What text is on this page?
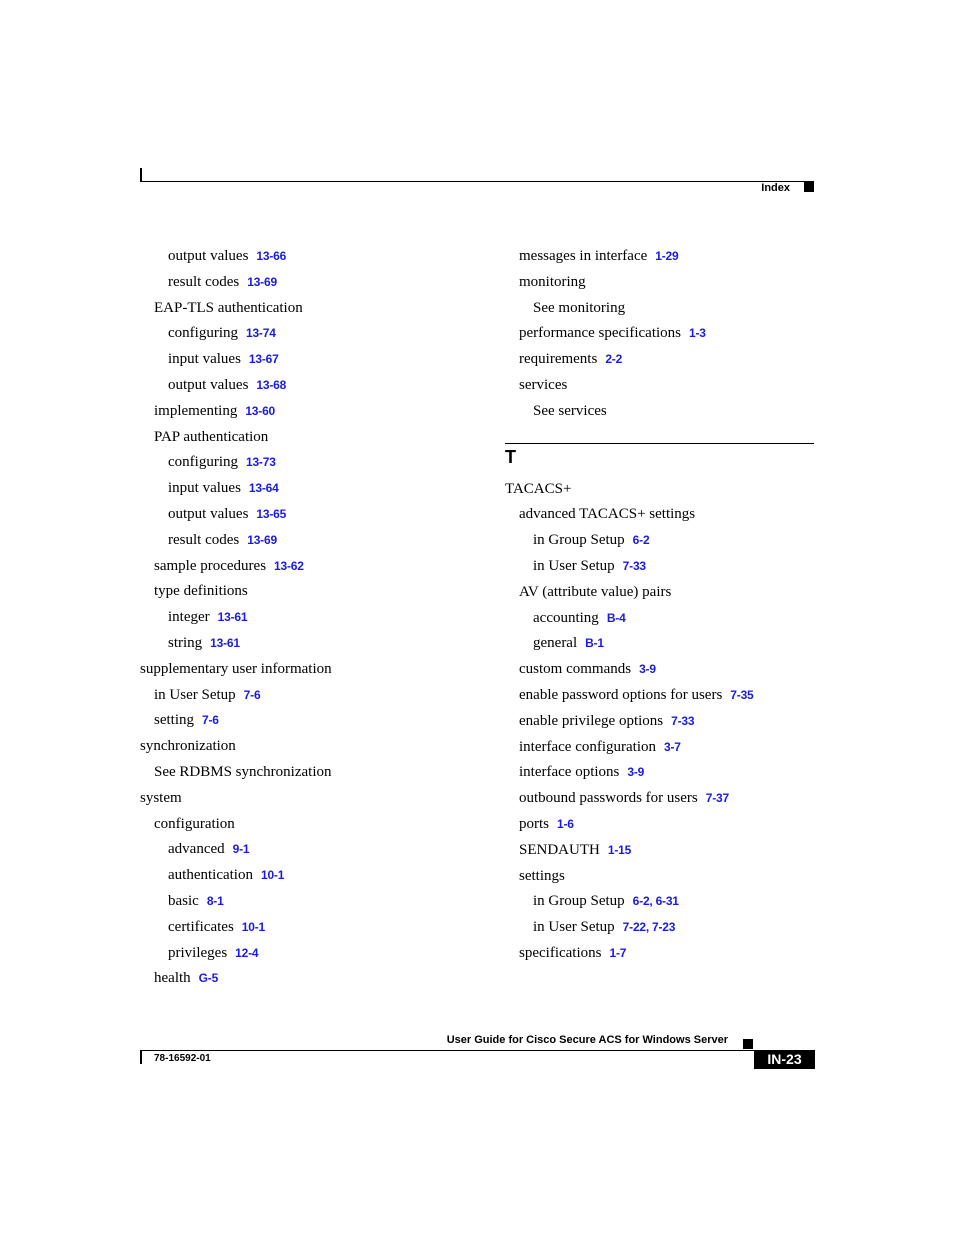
Index
output values 13-66
result codes 13-69
EAP-TLS authentication
configuring 13-74
input values 13-67
output values 13-68
implementing 13-60
PAP authentication
configuring 13-73
input values 13-64
output values 13-65
result codes 13-69
sample procedures 13-62
type definitions
integer 13-61
string 13-61
supplementary user information
in User Setup 7-6
setting 7-6
synchronization
See RDBMS synchronization
system
configuration
advanced 9-1
authentication 10-1
basic 8-1
certificates 10-1
privileges 12-4
health G-5
messages in interface 1-29
monitoring
See monitoring
performance specifications 1-3
requirements 2-2
services
See services
T
TACACS+
advanced TACACS+ settings
in Group Setup 6-2
in User Setup 7-33
AV (attribute value) pairs
accounting B-4
general B-1
custom commands 3-9
enable password options for users 7-35
enable privilege options 7-33
interface configuration 3-7
interface options 3-9
outbound passwords for users 7-37
ports 1-6
SENDAUTH 1-15
settings
in Group Setup 6-2, 6-31
in User Setup 7-22, 7-23
specifications 1-7
User Guide for Cisco Secure ACS for Windows Server
78-16592-01	IN-23
